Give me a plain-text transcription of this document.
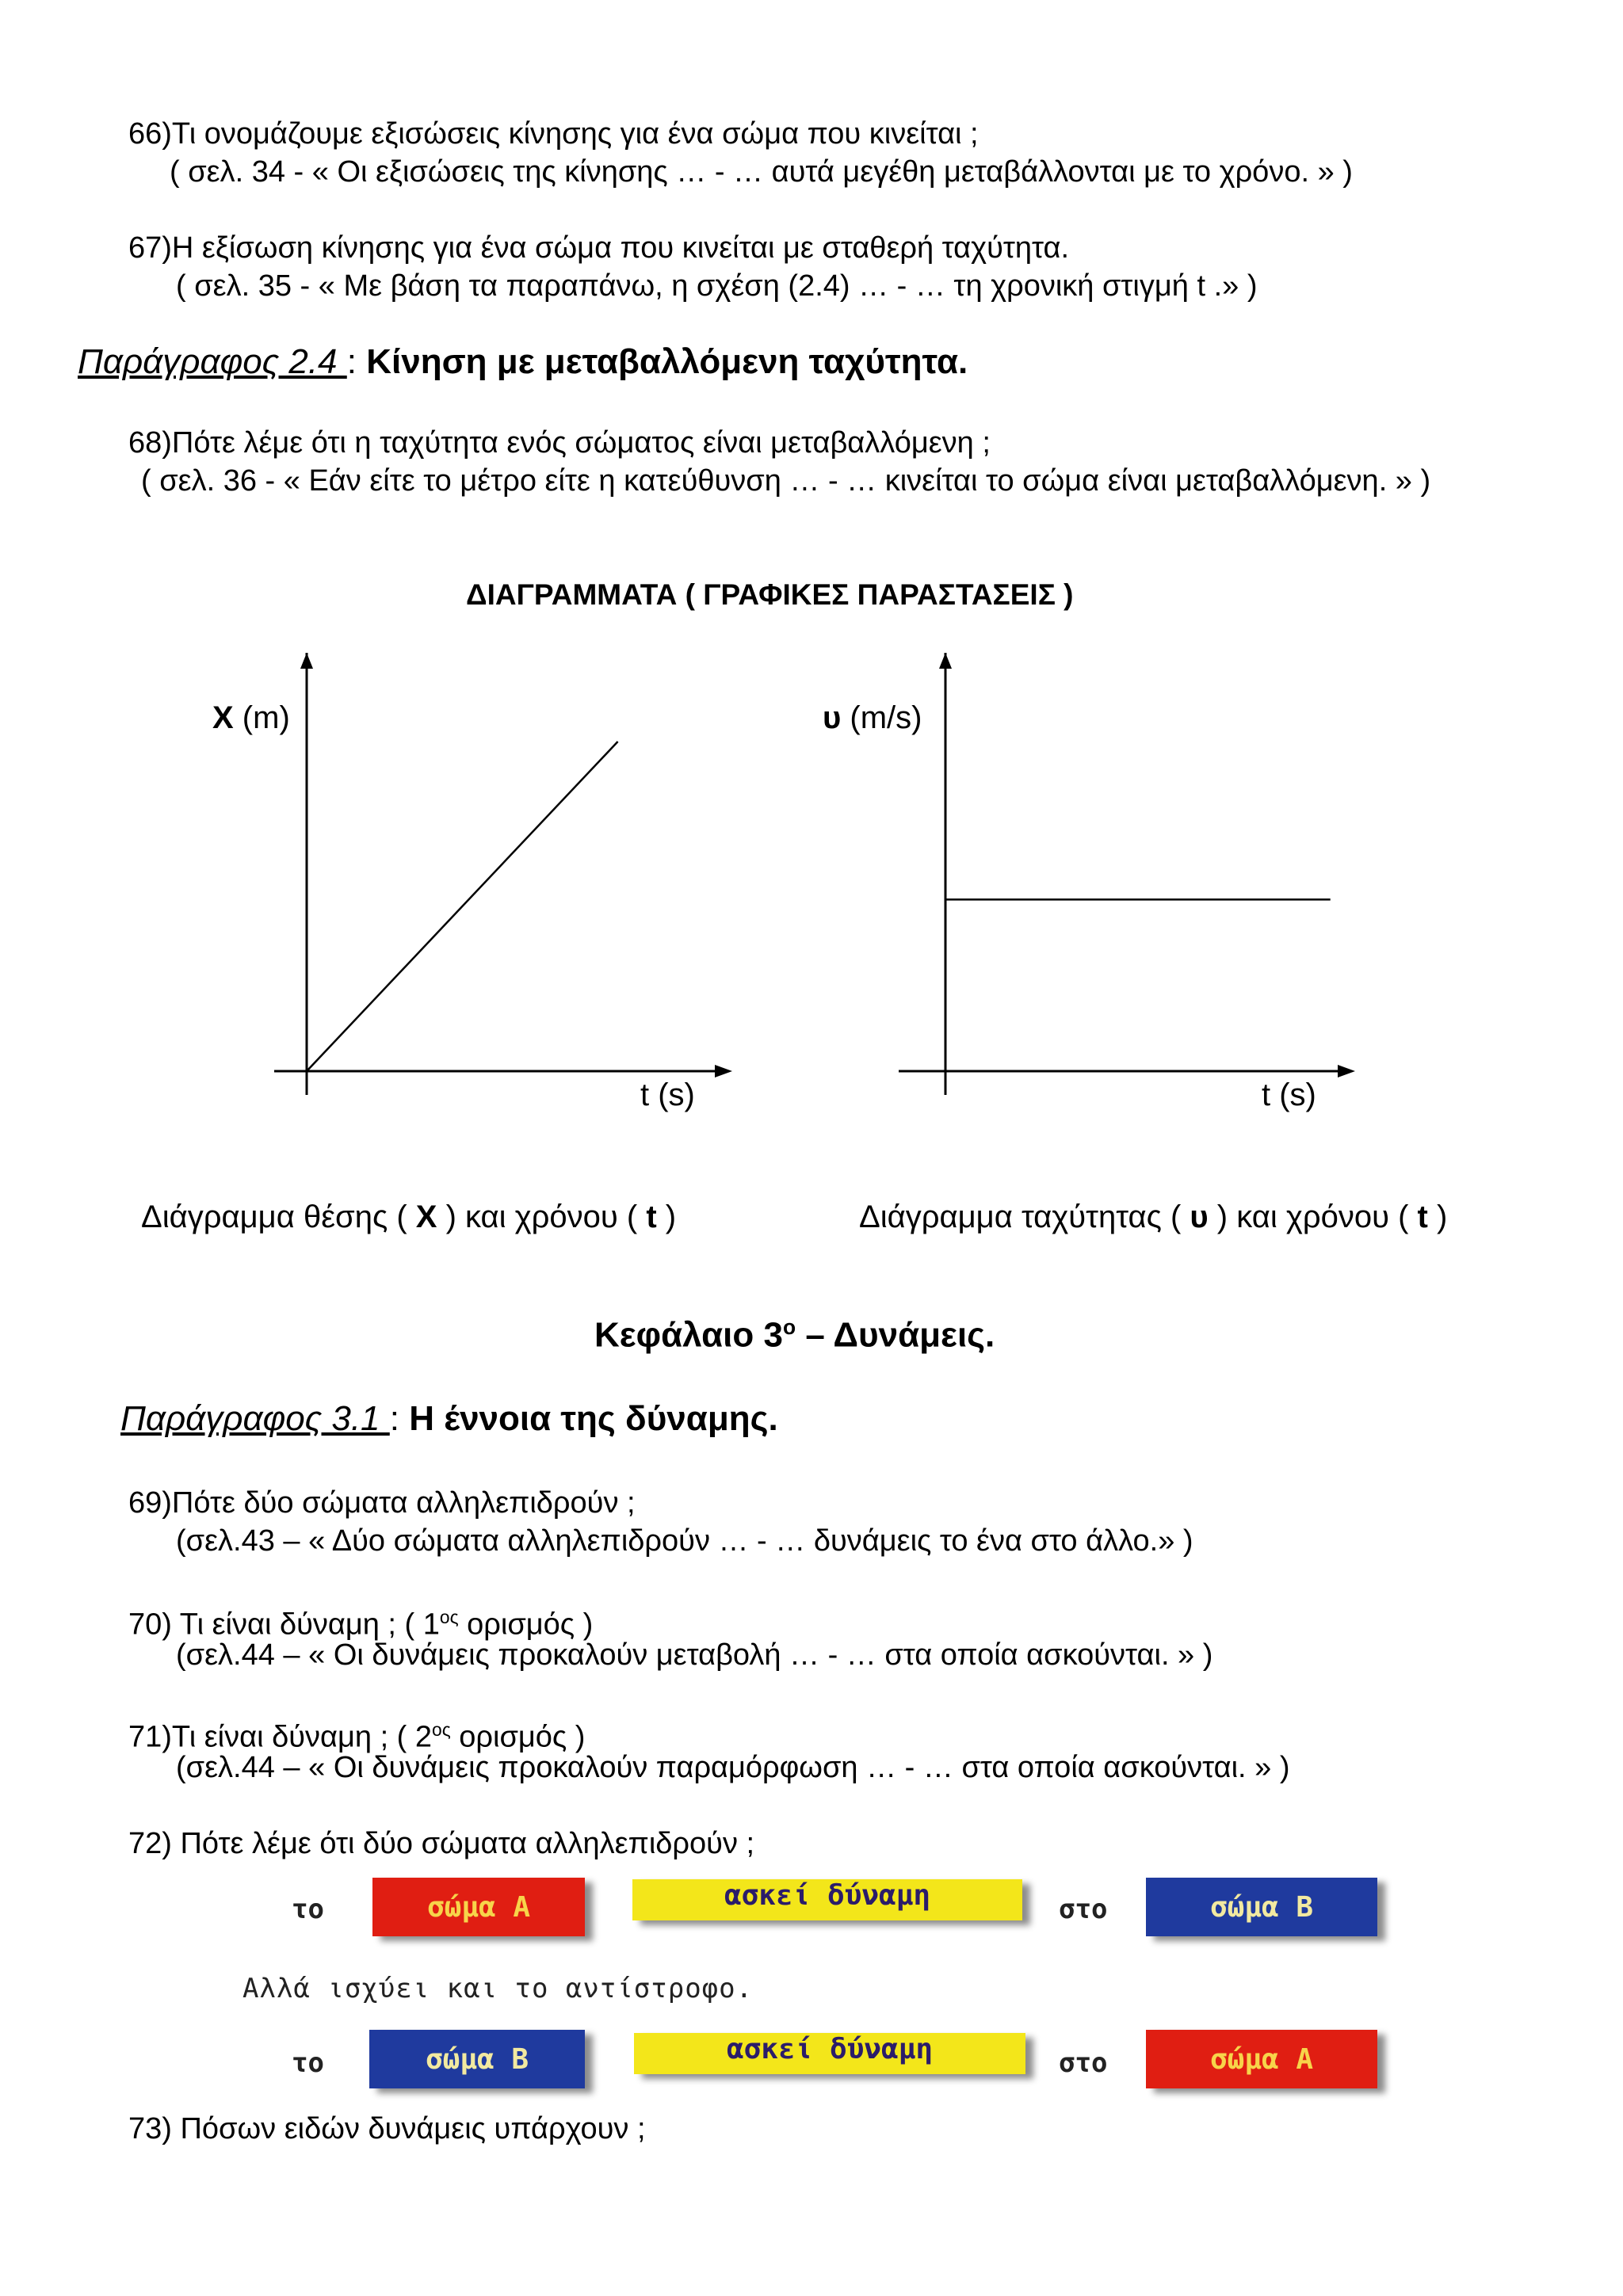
66)Τι ονομάζουμε εξισώσεις κίνησης για ένα σώμα που κινείται ;
( σελ. 34 - « Οι εξισώσεις της κίνησης … - … αυτά μεγέθη μεταβάλλονται με το χρόνο. » )
67)Η εξίσωση κίνησης για ένα σώμα που κινείται με σταθερή ταχύτητα.
( σελ. 35 - « Με βάση τα παραπάνω, η σχέση (2.4) … - … τη χρονική στιγμή t .» )
Παράγραφος 2.4 : Κίνηση με μεταβαλλόμενη ταχύτητα.
68)Πότε λέμε ότι η ταχύτητα ενός σώματος είναι μεταβαλλόμενη ;
( σελ. 36 - « Εάν είτε το μέτρο είτε η κατεύθυνση … - … κινείται το σώμα είναι μεταβαλλόμενη. » )
ΔΙΑΓΡΑΜΜΑΤΑ ( ΓΡΑΦΙΚΕΣ ΠΑΡΑΣΤΑΣΕΙΣ )
X (m)
t (s)
Διάγραμμα θέσης ( X ) και χρόνου ( t )
υ (m/s)
t (s)
Διάγραμμα ταχύτητας ( υ ) και χρόνου ( t )
Κεφάλαιο $3^o$ – Δυνάμεις.
Παράγραφος 3.1 : Η έννοια της δύναμης.
69)Πότε δύο σώματα αλληλεπιδρούν ;
(σελ.43 – « Δύο σώματα αλληλεπιδρούν … - … δυνάμεις το ένα στο άλλο.» )
70) Τι είναι δύναμη ; ( $1^{o\varsigma}$ ορισμός )
(σελ.44 – « Οι δυνάμεις προκαλούν μεταβολή … - … στα οποία ασκούνται. » )
71)Τι είναι δύναμη ; ( $2^{o\varsigma}$ ορισμός )
(σελ.44 – « Οι δυνάμεις προκαλούν παραμόρφωση … - … στα οποία ασκούνται. » )
72) Πότε λέμε ότι δύο σώματα αλληλεπιδρούν ;
το	σώμα Α	ασκεί δύναμη	στο	σώμα Β
Αλλά ισχύει και το αντίστροφο.
το	σώμα Β	ασκεί δύναμη	στο	σώμα Α
73) Πόσων ειδών δυνάμεις υπάρχουν ;
